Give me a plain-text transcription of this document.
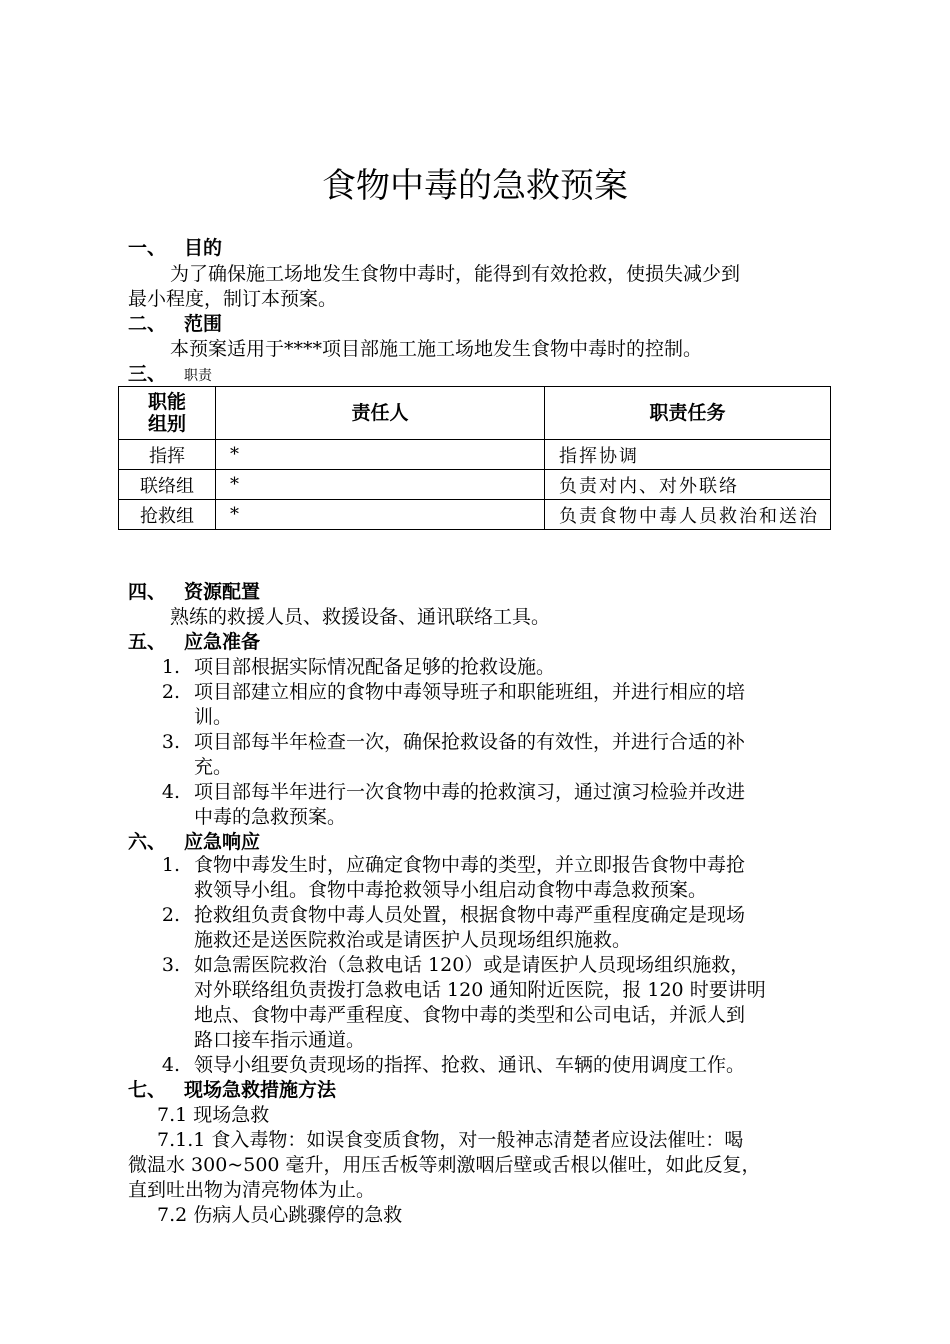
食物中毒的急救预案
一、 目的
为了确保施工场地发生食物中毒时，能得到有效抢救，使损失减少到
最小程度，制订本预案。
二、 范围
本预案适用于****项目部施工施工场地发生食物中毒时的控制。
三、 职责
职能
组别	责任人	职责任务
指挥	*	指挥协调
联络组	*	负责对内、对外联络
抢救组	*	负责食物中毒人员救治和送治
四、 资源配置
熟练的救援人员、救援设备、通讯联络工具。
五、 应急准备
1. 项目部根据实际情况配备足够的抢救设施。
2. 项目部建立相应的食物中毒领导班子和职能班组，并进行相应的培
训。
3. 项目部每半年检查一次，确保抢救设备的有效性，并进行合适的补
充。
4. 项目部每半年进行一次食物中毒的抢救演习，通过演习检验并改进
中毒的急救预案。
六、 应急响应
1. 食物中毒发生时，应确定食物中毒的类型，并立即报告食物中毒抢
救领导小组。食物中毒抢救领导小组启动食物中毒急救预案。
2. 抢救组负责食物中毒人员处置，根据食物中毒严重程度确定是现场
施救还是送医院救治或是请医护人员现场组织施救。
3. 如急需医院救治（急救电话 120）或是请医护人员现场组织施救，
对外联络组负责拨打急救电话 120 通知附近医院，报 120 时要讲明
地点、食物中毒严重程度、食物中毒的类型和公司电话，并派人到
路口接车指示通道。
4. 领导小组要负责现场的指挥、抢救、通讯、车辆的使用调度工作。
七、 现场急救措施方法
7.1 现场急救
7.1.1 食入毒物：如误食变质食物，对一般神志清楚者应设法催吐：喝
微温水 300~500 毫升，用压舌板等刺激咽后壁或舌根以催吐，如此反复，
直到吐出物为清亮物体为止。
7.2 伤病人员心跳骤停的急救
